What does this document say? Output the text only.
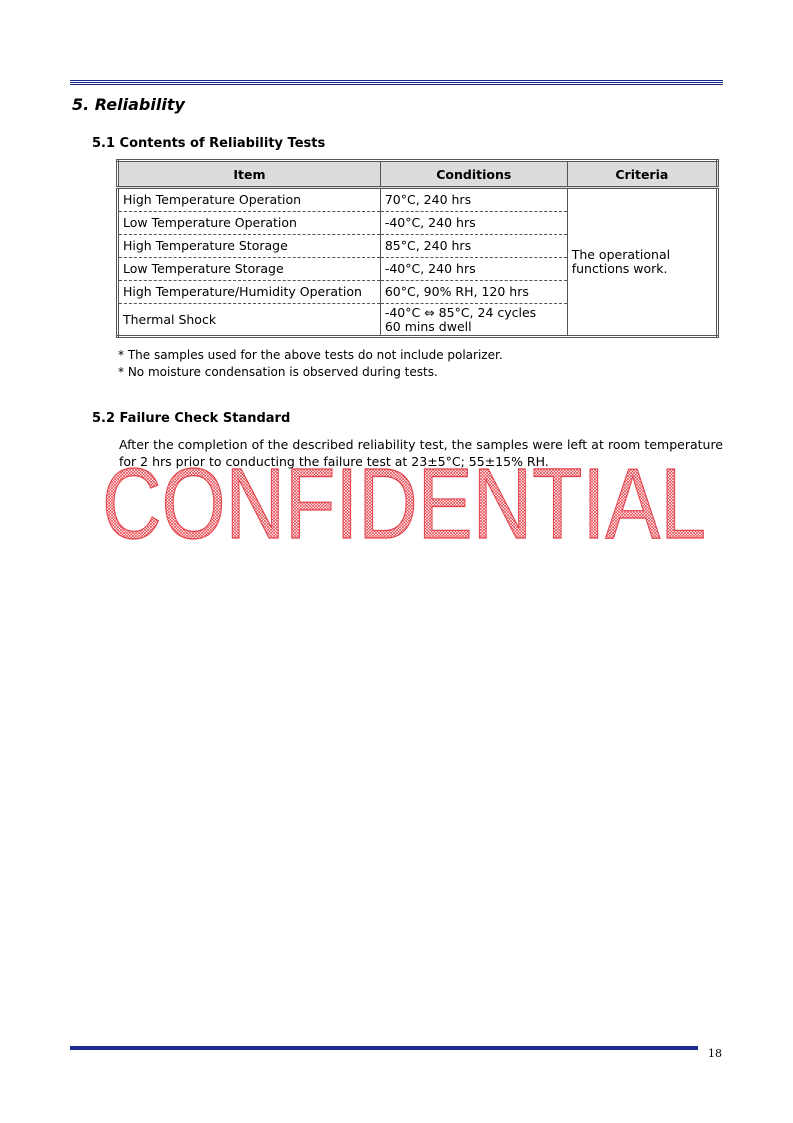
5. Reliability
5.1 Contents of Reliability Tests
Item	Conditions	Criteria
High Temperature Operation	70°C, 240 hrs	The operational
functions work.
Low Temperature Operation	-40°C, 240 hrs	
High Temperature Storage	85°C, 240 hrs	
Low Temperature Storage	-40°C, 240 hrs	
High Temperature/Humidity Operation	60°C, 90% RH, 120 hrs	
Thermal Shock	-40°C ⇔ 85°C, 24 cycles
60 mins dwell	
* The samples used for the above tests do not include polarizer.
* No moisture condensation is observed during tests.
5.2 Failure Check Standard

After the completion of the described reliability test, the samples were left at room temperature for 2 hrs prior to conducting the failure test at 23±5°C; 55±15% RH.

CONFIDENTIAL
18
